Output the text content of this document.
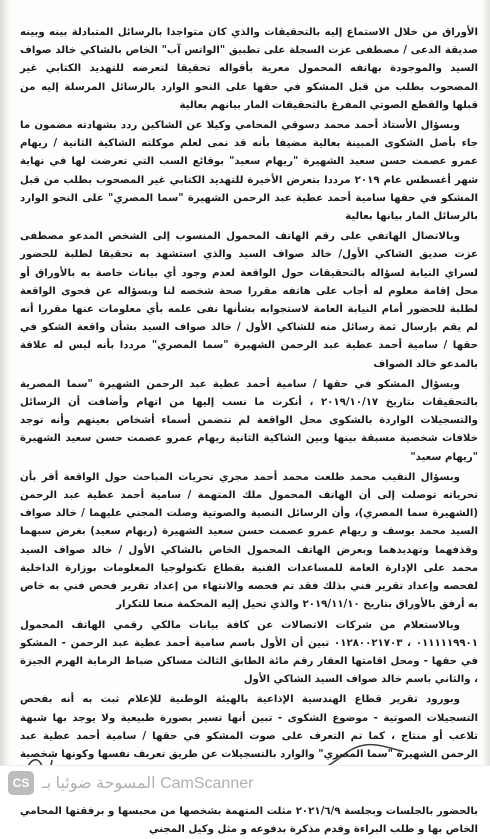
الأوراق من خلال الاستماع إليه بالتحقيقات والذي كان متواجدا بالرسائل المتبادلة بينه وبينه صديقة الدعى / مصطفى عزت السجلة على تطبيق "الواتس آب" الخاص بالشاكي خالد صواف السيد والموجودة بهاتفه المحمول معرية بأقواله تحقيقا لتعرضه للتهديد الكتابي غير المصحوب بطلب من قبل المشكو في حقها على النحو الوارد بالرسائل المرسلة إليه من قبلها والقطع الصوتي المفرغ بالتحقيقات المار بيانهم بعالية

وبسؤال الأستاذ أحمد محمد دسوقي المحامي وكيلا عن الشاكين ردد بشهادته مضمون ما جاء بأصل الشكوى المبينة بعالية مضيفا بأنه قد نمى لعلم موكلته الشاكية الثانية / ريهام عمرو عصمت حسن سعيد الشهيرة "ريهام سعيد" بوقائع السب التي تعرضت لها في نهاية شهر أغسطس عام ٢٠١٩ مرددا بتعرض الأخيرة للتهديد الكتابي غير المصحوب بطلب من قبل المشكو في حقها سامية أحمد عطية عبد الرحمن الشهيرة "سما المصري" على النحو الوارد بالرسائل المار بيانها بعالية

وبالاتصال الهاتفي على رقم الهاتف المحمول المنسوب إلى الشخص المدعو مصطفى عزت صديق الشاكي الأول/ خالد صواف السيد والذي استشهد به تحقيقا لطلبة للحضور لسراي النيابة لسؤاله بالتحقيقات حول الواقعة لعدم وجود أي بيانات خاصة به بالأوراق أو محل إقامة معلوم له أجاب على هاتفه مقررا صحة شخصه لنا وبسؤاله عن فحوى الواقعة لطلبة للحضور أمام النيابة العامة لاستجوابه بشأنها نفى علمه بأي معلومات عنها مقررا أنه لم يقم بإرسال ثمة رسائل منه للشاكي الأول / خالد صواف السيد بشأن واقعة الشكو في حقها / سامية أحمد عطية عبد الرحمن الشهيرة "سما المصري" مرددا بأنه ليس له علاقة بالمدعو خالد الصواف

وبسؤال المشكو في حقها / سامية أحمد عطية عبد الرحمن الشهيرة "سما المصرية بالتحقيقات بتاريخ ٢٠١٩/١٠/١٧ ، أنكرت ما نسب إليها من اتهام وأضافت أن الرسائل والتسجيلات الواردة بالشكوى محل الواقعة لم تتضمن أسماء أشخاص بعينهم وأنه توجد خلافات شخصية مسبقة بينها وبين الشاكية الثانية ريهام عمرو عصمت حسن سعيد الشهيرة "ريهام سعيد"

وبسؤال النقيب محمد طلعت محمد أحمد مجري تحريات المباحث حول الواقعة أقر بأن تحرياته توصلت إلى أن الهاتف المحمول ملك المتهمة / سامية أحمد عطية عبد الرحمن (الشهيرة سما المصري)، وأن الرسائل النصية والصوتية وصلت المجني عليهما / خالد صواف السيد محمد يوسف و ريهام عمرو عصمت حسن سعيد الشهيرة (ريهام سعيد) بغرض سبهما وقذفهما وتهديدهما وبعرض الهاتف المحمول الخاص بالشاكي الأول / خالد صواف السيد محمد على الإدارة العامة للمساعدات الفنية بقطاع تكنولوجيا المعلومات بوزارة الداخلية لفحصه وإعداد تقرير فني بذلك فقد تم فحصه والانتهاء من إعداد تقرير فحص فني به خاص به أرفق بالأوراق بتاريخ ٢٠١٩/١١/١٠ والذي تحيل إليه المحكمة منعا للتكرار

وبالاستعلام من شركات الاتصالات عن كافة بيانات مالكي رقمي الهاتف المحمول ٠١١١١١٩٩٠١ ، ٠١٢٨٠٠٢١٧٠٣ تبين أن الأول باسم سامية أحمد عطية عبد الرحمن - المشكو في حقها - ومحل اقامتها العقار رقم مائة الطابق الثالث مساكن ضباط الرماية الهرم الجيزة ، والثاني باسم خالد صواف السيد الشاكي الأول

وبورود تقرير قطاع الهندسية الإذاعية بالهيئة الوطنية للإعلام ثبت به أنه بفحص التسجيلات الصوتية - موضوع الشكوى - تبين أنها تسير بصورة طبيعية ولا يوجد بها شبهة تلاعب أو منتاج ، كما تم التعرف على صوت المشكو في حقها / سامية أحمد عطية عبد الرحمن الشهيرة "سما المصري" والوارد بالتسجيلات عن طريق تعريف نفسها وكونها شخصية

بالحضور بالجلسات وبجلسة ٢٠٢١/٦/٩ مثلت المتهمة بشخصها من محبسها و برفقتها المحامي الخاص بها و طلب البراءة وقدم مذكرة بدفوعه و مثل وكيل المجني

CS المسوحة ضوئيا بـ CamScanner
